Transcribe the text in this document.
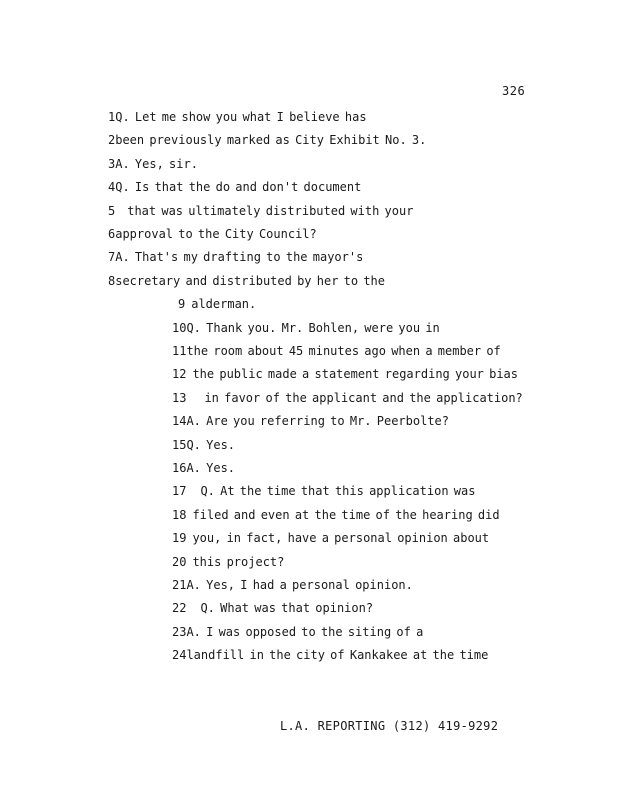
326
1Q. Let me show you what I believe has
2been previously marked as City Exhibit No. 3.
3A. Yes, sir.
4Q. Is that the do and don't document
5 that was ultimately distributed with your
6approval to the City Council?
7A. That's my drafting to the mayor's
8secretary and distributed by her to the
9 alderman.
10Q. Thank you. Mr. Bohlen, were you in
11the room about 45 minutes ago when a member of
12 the public made a statement regarding your bias
13 in favor of the applicant and the application?
14A. Are you referring to Mr. Peerbolte?
15Q. Yes.
16A. Yes.
17 Q. At the time that this application was
18 filed and even at the time of the hearing did
19 you, in fact, have a personal opinion about
20 this project?
21A. Yes, I had a personal opinion.
22 Q. What was that opinion?
23A. I was opposed to the siting of a
24landfill in the city of Kankakee at the time
L.A. REPORTING (312) 419-9292
